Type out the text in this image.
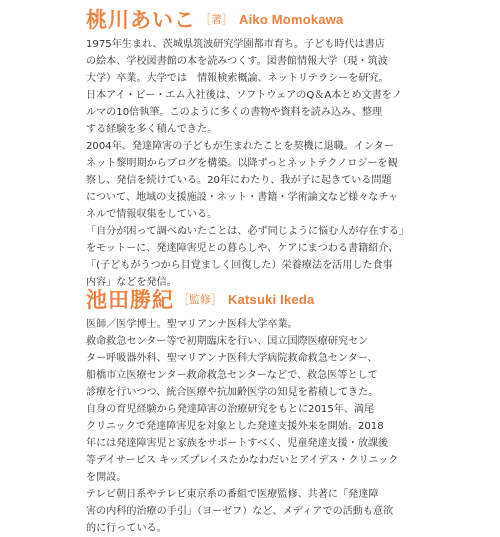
桃川あいこ ［著］ Aiko Momokawa
1975年生まれ、茨城県筑波研究学園都市育ち。子ども時代は書店
の絵本、学校図書館の本を読みつくす。図書館情報大学（現・筑波
大学）卒業。大学では　情報検索概論、ネットリテラシーを研究。
日本アイ・ビー・エム入社後は、ソフトウェアのQ＆A本とめ文書をノ
ルマの10倍執筆。このように多くの書物や資料を読み込み、整理
する経験を多く積んできた。
2004年、発達障害の子どもが生まれたことを契機に退職。インター
ネット黎明期からブログを構築。以降ずっとネットテクノロジーを観
察し、発信を続けている。20年にわたり、我が子に起きている問題
について、地域の支援施設・ネット・書籍・学術論文など様々なチャ
ネルで情報収集をしている。
「自分が困って調べぬいたことは、必ず同じように悩む人が存在する」
をモットーに、発達障害児との暮らしや、ケアにまつわる書籍紹介、
「(子どもがうつから目覚ましく回復した）栄養療法を活用した食事
内容」などを発信。
池田勝紀 ［監修］ Katsuki Ikeda
医師／医学博士。聖マリアンナ医科大学卒業。
救命救急センター等で初期臨床を行い、国立国際医療研究セン
ター呼吸器外科、聖マリアンナ医科大学病院救命救急センター、
船橋市立医療センター救命救急センターなどで、救急医等として
診療を行いつつ、統合医療や抗加齢医学の知見を蓄積してきた。
自身の育児経験から発達障害の治療研究をもとに2015年、満尾
クリニックで発達障害児を対象とした発達支援外来を開始。2018
年には発達障害児と家族をサポートすべく、児童発達支援・放課後
等デイサービス キッズプレイスたかなわだいとアイデス・クリニック
を開設。
テレビ朝日系やテレビ東京系の番組で医療監修、共著に「発達障
害の内科的治療の手引」（ヨーゼフ）など、メディアでの活動も意欲
的に行っている。
